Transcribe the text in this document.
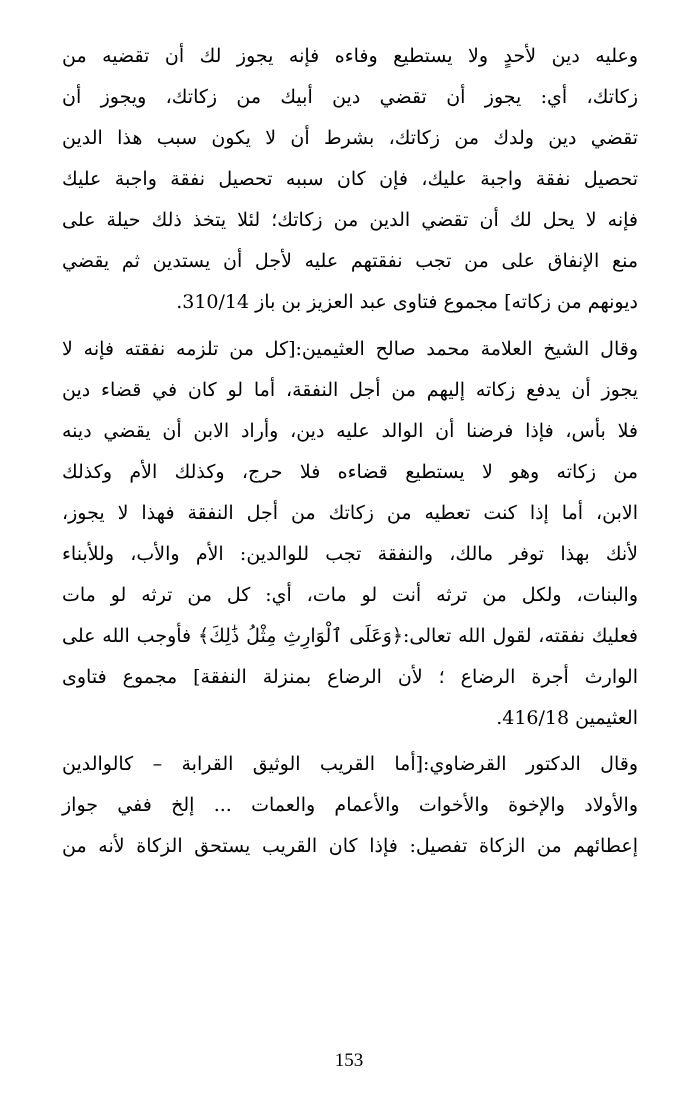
وعليه دين لأحدٍ ولا يستطيع وفاءه فإنه يجوز لك أن تقضيه من
زكاتك، أي: يجوز أن تقضي دين أبيك من زكاتك، ويجوز أن
تقضي دين ولدك من زكاتك، بشرط أن لا يكون سبب هذا الدين
تحصيل نفقة واجبة عليك، فإن كان سببه تحصيل نفقة واجبة عليك
فإنه لا يحل لك أن تقضي الدين من زكاتك؛ لئلا يتخذ ذلك حيلة على
منع الإنفاق على من تجب نفقتهم عليه لأجل أن يستدين ثم يقضي
ديونهم من زكاته] مجموع فتاوى عبد العزيز بن باز 310/14.
وقال الشيخ العلامة محمد صالح العثيمين:[كل من تلزمه نفقته فإنه لا
يجوز أن يدفع زكاته إليهم من أجل النفقة، أما لو كان في قضاء دين
فلا بأس، فإذا فرضنا أن الوالد عليه دين، وأراد الابن أن يقضي دينه
من زكاته وهو لا يستطيع قضاءه فلا حرج، وكذلك الأم وكذلك
الابن، أما إذا كنت تعطيه من زكاتك من أجل النفقة فهذا لا يجوز،
لأنك بهذا توفر مالك، والنفقة تجب للوالدين: الأم والأب، وللأبناء
والبنات، ولكل من ترثه أنت لو مات، أي: كل من ترثه لو مات
فعليك نفقته، لقول الله تعالى:﴿وَعَلَى ٱلْوَارِثِ مِثْلُ ذَٰلِكَ﴾ فأوجب الله على
الوارث أجرة الرضاع ؛ لأن الرضاع بمنزلة النفقة] مجموع فتاوى
العثيمين 416/18.
وقال الدكتور القرضاوي:[أما القريب الوثيق القرابة – كالوالدين
والأولاد والإخوة والأخوات والأعمام والعمات ... إلخ ففي جواز
إعطائهم من الزكاة تفصيل: فإذا كان القريب يستحق الزكاة لأنه من
153
